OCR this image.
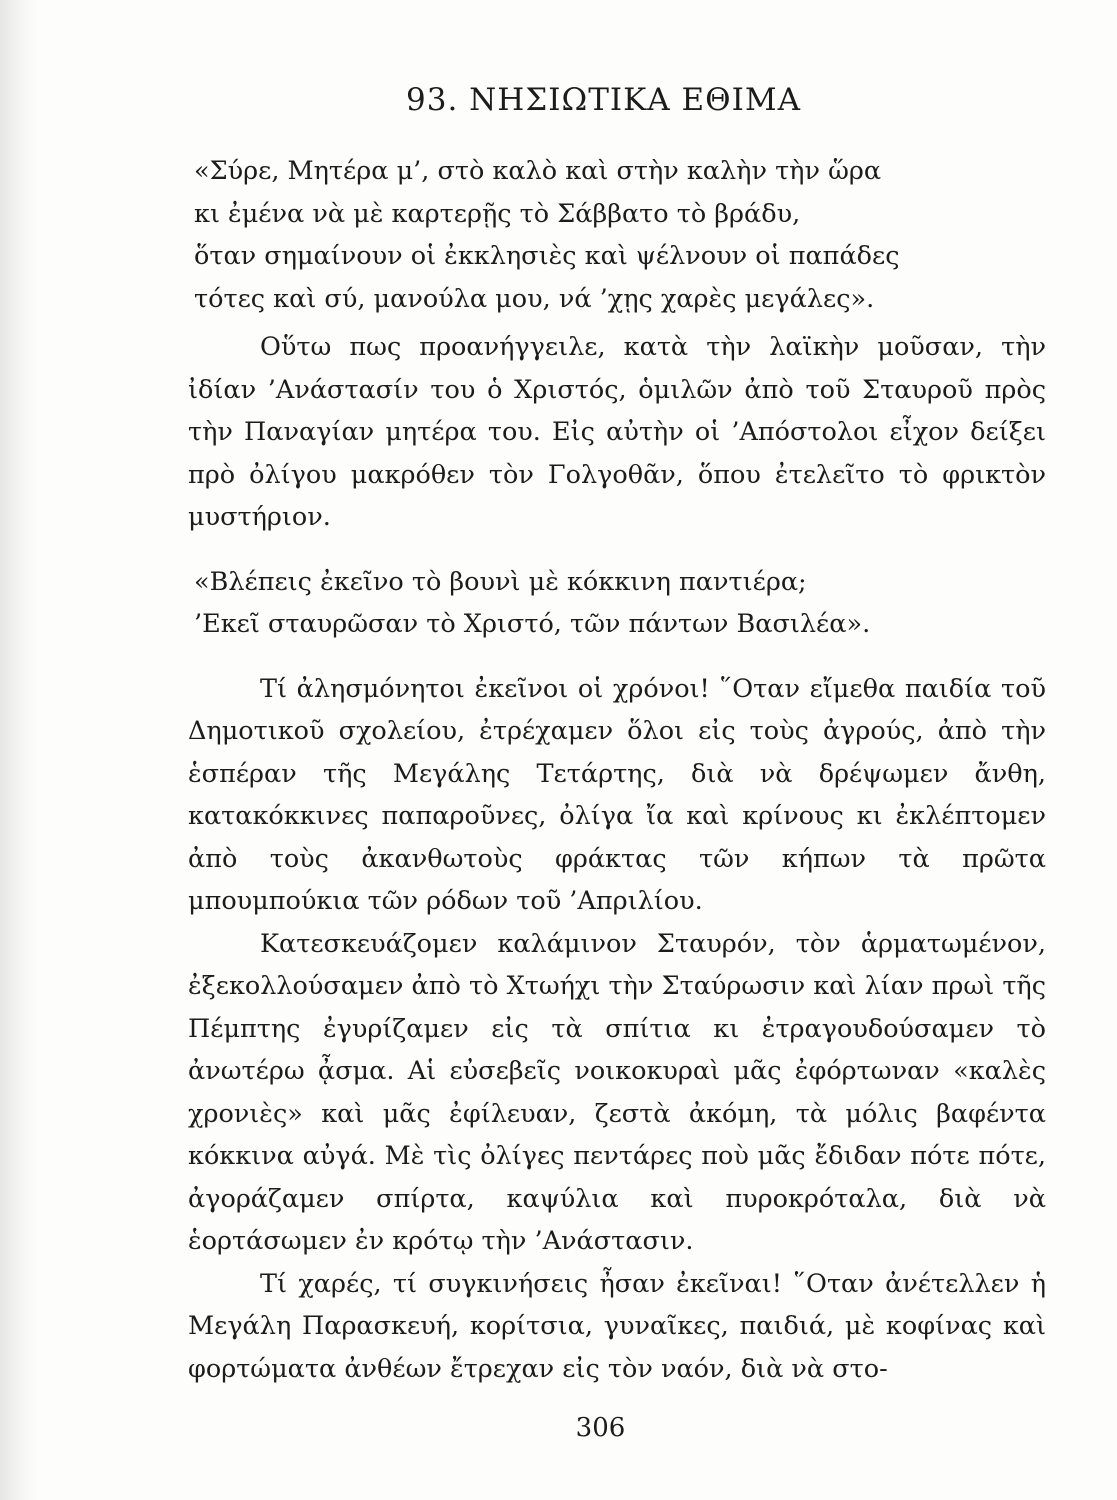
93. ΝΗΣΙΩΤΙΚΑ ΕΘΙΜΑ
«Σύρε, Μητέρα μ’, στὸ καλὸ καὶ στὴν καλὴν τὴν ὥρα
κι ἐμένα νὰ μὲ καρτερῇς τὸ Σάββατο τὸ βράδυ,
ὅταν σημαίνουν οἱ ἐκκλησιὲς καὶ ψέλνουν οἱ παπάδες
τότες καὶ σύ, μανούλα μου, νά ’χῃς χαρὲς μεγάλες».

Οὕτω πως προανήγγειλε, κατὰ τὴν λαϊκὴν μοῦσαν, τὴν ἰδίαν ’Ανάστασίν του ὁ Χριστός, ὁμιλῶν ἀπὸ τοῦ Σταυροῦ πρὸς τὴν Παναγίαν μητέρα του. Εἰς αὐτὴν οἱ ’Απόστολοι εἶχον δείξει πρὸ ὀλίγου μακρόθεν τὸν Γολγοθᾶν, ὅπου ἐτελεῖτο τὸ φρικτὸν μυστήριον.

«Βλέπεις ἐκεῖνο τὸ βουνὶ μὲ κόκκινη παντιέρα;
’Εκεῖ σταυρῶσαν τὸ Χριστό, τῶν πάντων Βασιλέα».

Τί ἀλησμόνητοι ἐκεῖνοι οἱ χρόνοι! ῞Οταν εἴμεθα παιδία τοῦ Δημοτικοῦ σχολείου, ἐτρέχαμεν ὅλοι εἰς τοὺς ἀγρούς, ἀπὸ τὴν ἑσπέραν τῆς Μεγάλης Τετάρτης, διὰ νὰ δρέψωμεν ἄνθη, κατακόκκινες παπαροῦνες, ὀλίγα ἴα καὶ κρίνους κι ἐκλέπτομεν ἀπὸ τοὺς ἀκανθωτοὺς φράκτας τῶν κήπων τὰ πρῶτα μπουμπούκια τῶν ρόδων τοῦ ’Απριλίου.

Κατεσκευάζομεν καλάμινον Σταυρόν, τὸν ἁρματωμένον, ἐξεκολλούσαμεν ἀπὸ τὸ Χτωήχι τὴν Σταύρωσιν καὶ λίαν πρωὶ τῆς Πέμπτης ἐγυρίζαμεν εἰς τὰ σπίτια κι ἐτραγουδούσαμεν τὸ ἀνωτέρω ᾆσμα. Αἱ εὐσεβεῖς νοικοκυραὶ μᾶς ἐφόρτωναν «καλὲς χρονιὲς» καὶ μᾶς ἐφίλευαν, ζεστὰ ἀκόμη, τὰ μόλις βαφέντα κόκκινα αὐγά. Μὲ τὶς ὀλίγες πεντάρες ποὺ μᾶς ἔδιδαν πότε πότε, ἀγοράζαμεν σπίρτα, καψύλια καὶ πυροκρόταλα, διὰ νὰ ἑορτάσωμεν ἐν κρότῳ τὴν ’Ανάστασιν.

Τί χαρές, τί συγκινήσεις ἦσαν ἐκεῖναι! ῞Οταν ἀνέτελλεν ἡ Μεγάλη Παρασκευή, κορίτσια, γυναῖκες, παιδιά, μὲ κοφίνας καὶ φορτώματα ἀνθέων ἔτρεχαν εἰς τὸν ναόν, διὰ νὰ στο-

306
